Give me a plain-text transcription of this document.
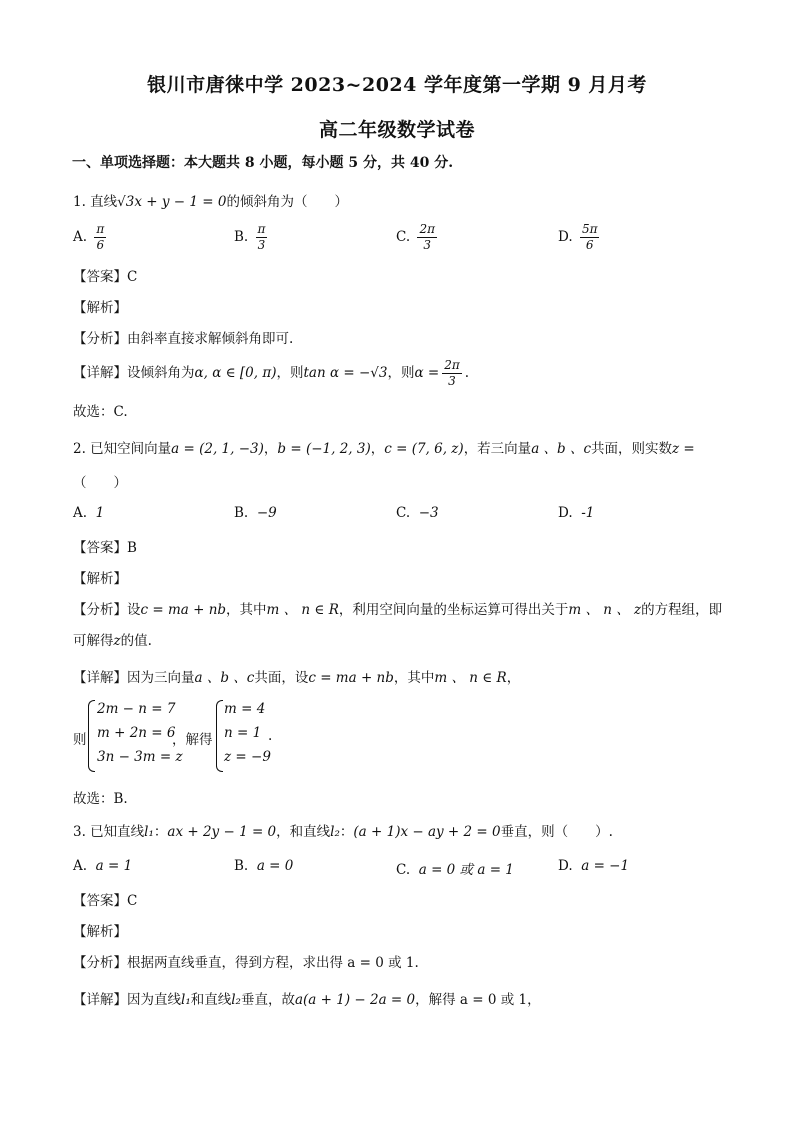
银川市唐徕中学 2023~2024 学年度第一学期 9 月月考
高二年级数学试卷
一、单项选择题：本大题共 8 小题，每小题 5 分，共 40 分.
1. 直线√3x + y − 1 = 0的倾斜角为（　　）
A. $\frac{\pi}{6}$	B. $\frac{\pi}{3}$	C. $\frac{2\pi}{3}$	D. $\frac{5\pi}{6}$
【答案】C
【解析】
【分析】由斜率直接求解倾斜角即可.
【详解】设倾斜角为α, α ∈ [0, π)，则tan α = −√3，则$\alpha = \frac{2\pi}{3}$ .
故选：C.
2. 已知空间向量a = (2, 1, −3)，b = (−1, 2, 3)，c = (7, 6, z)，若三向量a 、b 、c共面，则实数z =
（　　）
A. 1	B. −9	C. −3	D. -1
【答案】B
【解析】
【分析】设c = ma + nb，其中m 、 n ∈ R，利用空间向量的坐标运算可得出关于m 、 n 、 z的方程组，即
可解得z的值.
【详解】因为三向量a 、b 、c共面，设c = ma + nb，其中m 、 n ∈ R，
则
2m − n = 7
m + 2n = 6
3n − 3m = z
，解得
m = 4
n = 1
z = −9
.
故选：B.
3. 已知直线l₁：ax + 2y − 1 = 0，和直线l₂：(a + 1)x − ay + 2 = 0垂直，则（　　）.
A. a = 1	B. a = 0	C. a = 0 或 a = 1	D. a = −1
【答案】C
【解析】
【分析】根据两直线垂直，得到方程，求出得 a = 0 或 1.
【详解】因为直线l₁和直线l₂垂直，故a(a + 1) − 2a = 0，解得 a = 0 或 1，
